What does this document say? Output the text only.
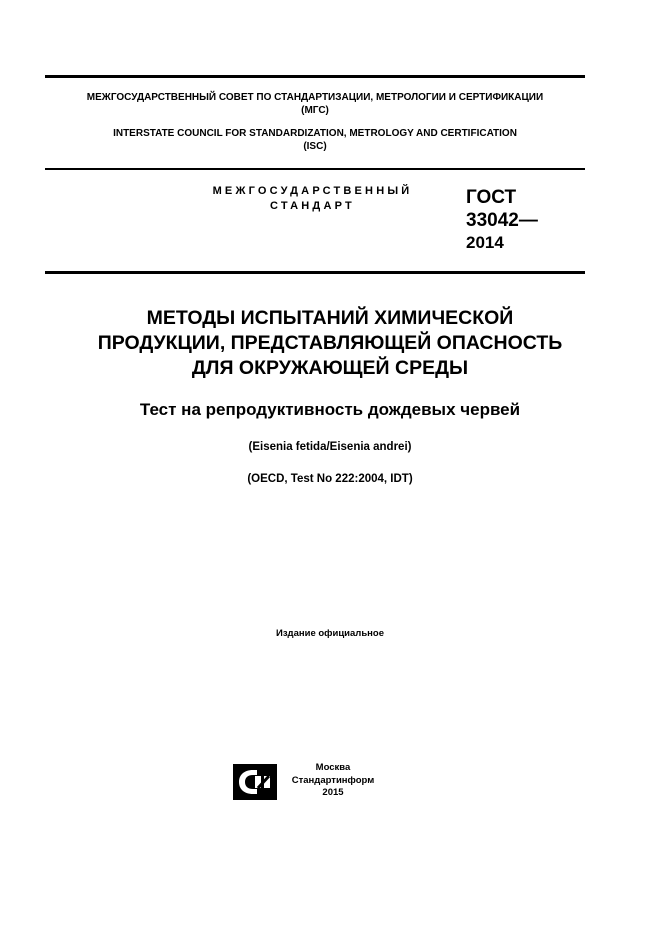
МЕЖГОСУДАРСТВЕННЫЙ СОВЕТ ПО СТАНДАРТИЗАЦИИ, МЕТРОЛОГИИ И СЕРТИФИКАЦИИ
(МГС)
INTERSTATE COUNCIL FOR STANDARDIZATION, METROLOGY AND CERTIFICATION
(ISC)
МЕЖГОСУДАРСТВЕННЫЙ
СТАНДАРТ	ГОСТ
33042—
2014
МЕТОДЫ ИСПЫТАНИЙ ХИМИЧЕСКОЙ
ПРОДУКЦИИ, ПРЕДСТАВЛЯЮЩЕЙ ОПАСНОСТЬ
ДЛЯ ОКРУЖАЮЩЕЙ СРЕДЫ
Тест на репродуктивность дождевых червей
(Eisenia fetida/Eisenia andrei)
(OECD, Test No 222:2004, IDT)
Издание официальное
Москва
Стандартинформ
2015
